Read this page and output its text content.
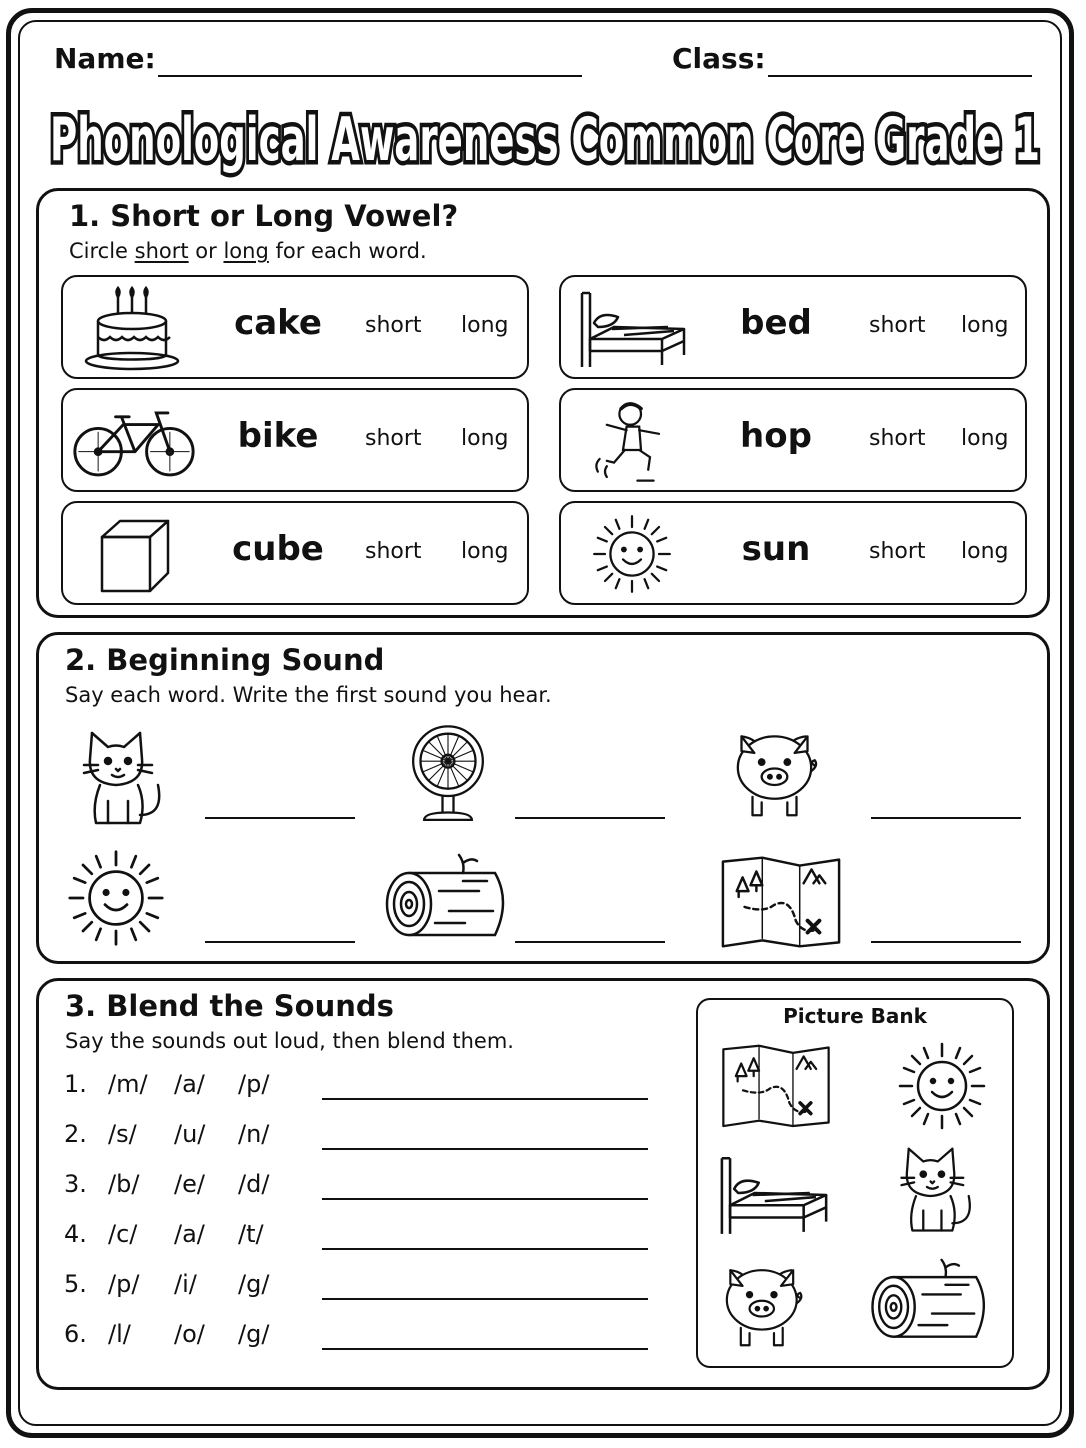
Name:	Class:
Phonological Awareness Common Core Grade 1
1. Short or Long Vowel?
Circle short or long for each word.
cake	short long	bed	short long
bike	short long	hop	short long
cube	short long	sun	short long
2. Beginning Sound
Say each word. Write the first sound you hear.
3. Blend the Sounds
Say the sounds out loud, then blend them.
1. /m/ /a/ /p/
2. /s/ /u/ /n/
3. /b/ /e/ /d/
4. /c/ /a/ /t/
5. /p/ /i/ /g/
6. /l/ /o/ /g/
Picture Bank
